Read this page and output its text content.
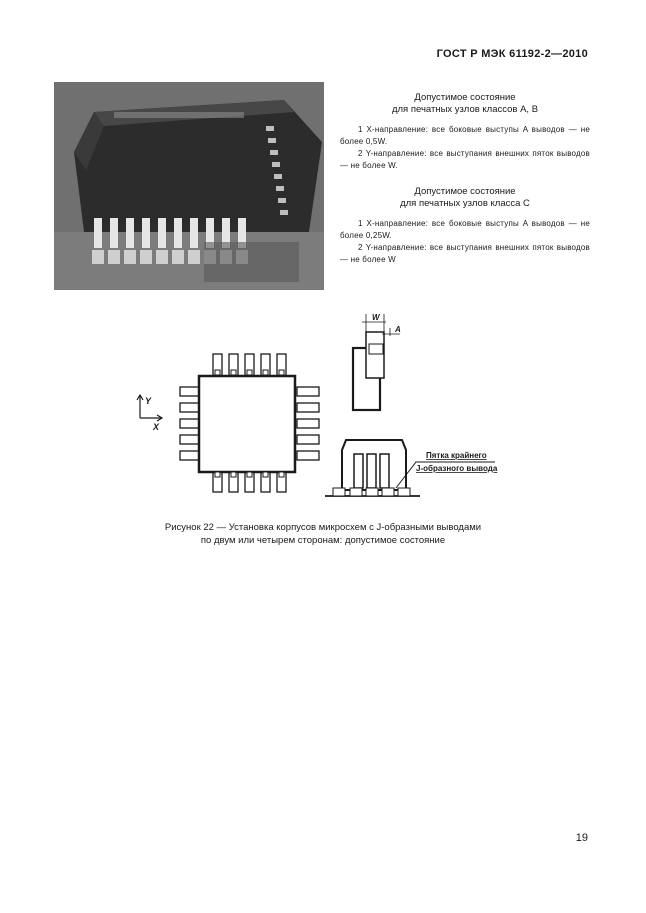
ГОСТ Р МЭК 61192-2—2010
Допустимое состояние
для печатных узлов классов А, В

1 X-направление: все боковые выступы A выводов — не более 0,5W.

2 Y-направление: все выступания внешних пяток выводов — не более W.

Допустимое состояние
для печатных узлов класса C

1 X-направление: все боковые выступы A выводов — не более 0,25W.

2 Y-направление: все выступания внешних пяток выводов — не более W

Y
X
W
A
Пятка крайнего
J-образного вывода
Рисунок 22 — Установка корпусов микросхем с J-образными выводами
по двум или четырем сторонам: допустимое состояние
19
